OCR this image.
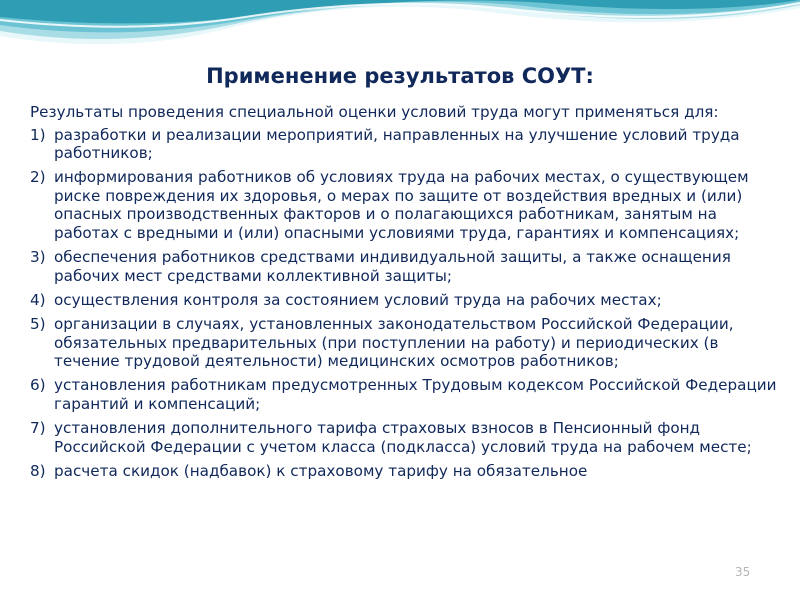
Применение результатов СОУТ:

Результаты проведения специальной оценки условий труда могут применяться для:

1) разработки и реализации мероприятий, направленных на улучшение условий труда работников;
2) информирования работников об условиях труда на рабочих местах, о существующем риске повреждения их здоровья, о мерах по защите от воздействия вредных и (или) опасных производственных факторов и о полагающихся работникам, занятым на работах с вредными и (или) опасными условиями труда, гарантиях и компенсациях;
3) обеспечения работников средствами индивидуальной защиты, а также оснащения рабочих мест средствами коллективной защиты;
4) осуществления контроля за состоянием условий труда на рабочих местах;
5) организации в случаях, установленных законодательством Российской Федерации, обязательных предварительных (при поступлении на работу) и периодических (в течение трудовой деятельности) медицинских осмотров работников;
6) установления работникам предусмотренных Трудовым кодексом Российской Федерации гарантий и компенсаций;
7) установления дополнительного тарифа страховых взносов в Пенсионный фонд Российской Федерации с учетом класса (подкласса) условий труда на рабочем месте;
8) расчета скидок (надбавок) к страховому тарифу на обязательное
35
